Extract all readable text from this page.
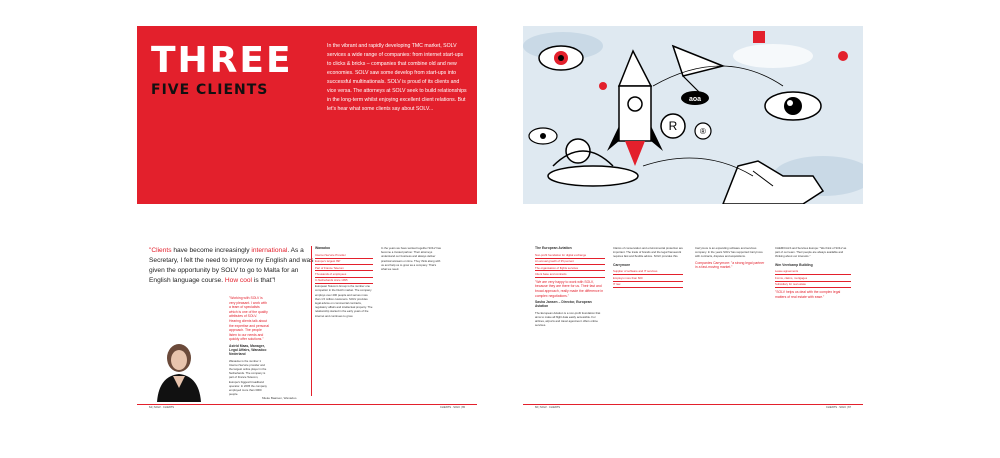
THREE
FIVE CLIENTS
In the vibrant and rapidly developing TMC market, SOLV services a wide range of companies: from internet start-ups to clicks & bricks – companies that combine old and new economies. SOLV saw some develop from start-ups into successful multinationals. SOLV is proud of its clients and vice versa. The attorneys at SOLV seek to build relationships in the long-term whilst enjoying excellent client relations. But let's hear what some clients say about SOLV...
R	®
aoa
"Clients have become increasingly international. As a Secretary, I felt the need to improve my English and was given the opportunity by SOLV to go to Malta for an English language course. How cool is that"!
Mieke Baarsen, Wanadoo
"Working with SOLV is very pleasant. I work with a team of specialists which is one of the quality attributes of SOLV. Hearing clients talk about the expertise and personal approach. The people listen to our needs and quickly offer solutions."
Astrid Maas, Manager, Legal Affairs, Wanadoo Nederland
Wanadoo is the number 1 Internet Service provider and the largest online player in the Netherlands. The company is part of France Telecom, Europe's biggest broadband operator. In 2005 the company employed more than 3000 people.
Wanadoo
Internet Service Provider
Europe's largest ISP
Part of France Telecom
Thousands of employees
In Netherlands since 1995
European Telecom Group is the number one competitor in the Dutch market. The company employs over 400 people and serves more than 1.5 million customers. SOLV provides legal advice on commercial contracts, regulatory affairs and intellectual property. The relationship started in the early years of the internet and continues to grow.
In the years we have worked together SOLV has become a trusted partner. Their attorneys understand our business and always deliver practical answers on time. They think along with us and help us to grow as a company. That's what we need.
64 | SOLV · CLIENTS	CLIENTS · SOLV | 65
The European Aviation
Non-profit foundation for digital exchange
An annual growth of 35 percent
The organisation of flights services
Client base and contracts
"We are very happy to work with SOLV, because they are there for us. Their fast and broad approach, really made the difference in complex negotiations."
Sasha Jansen – Director, European Aviation
The European Aviation is a non-profit foundation that aims to make all flight data easily accessible. For airlines, airports and travel agencies it offers online services.
Claims of conservation and environmental protection are important. The trade of brands and the legal framework requires fast and flexible advice. SOLV provides this.
Carrymore
Supplier of software and IT services
Employs more than 600
IT law
Carrymore is an expanding software and services company. In the years SOLV has supported Carrymore with contracts, disputes and acquisitions.
Companies Carrymore: "a strong legal partner in a fast-moving market."
CHEMICALS and Services Europe: "We think of SOLV as part of our team. Their people are always available and thinking about our interests."
Wm Veerkamp Building
Lease agreements
Forms, claims, mortgages
Subsidiary for real estate
"SOLV helps us deal with the complex legal matters of real estate with ease."
66 | SOLV · CLIENTS	CLIENTS · SOLV | 67
